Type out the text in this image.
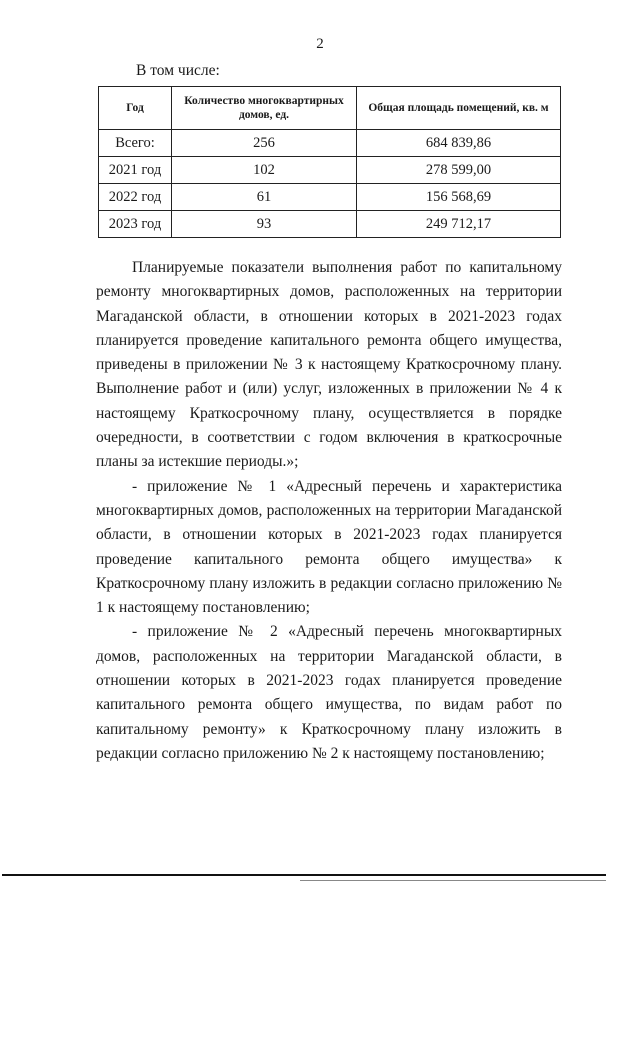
2
В том числе:
Год	Количество многоквартирных домов, ед.	Общая площадь помещений, кв. м
Всего:	256	684 839,86
2021 год	102	278 599,00
2022 год	61	156 568,69
2023 год	93	249 712,17

Планируемые показатели выполнения работ по капитальному ремонту многоквартирных домов, расположенных на территории Магаданской области, в отношении которых в 2021-2023 годах планируется проведение капитального ремонта общего имущества, приведены в приложении № 3 к настоящему Краткосрочному плану. Выполнение работ и (или) услуг, изложенных в приложении № 4 к настоящему Краткосрочному плану, осуществляется в порядке очередности, в соответствии с годом включения в краткосрочные планы за истекшие периоды.»;

- приложение № 1 «Адресный перечень и характеристика многоквартирных домов, расположенных на территории Магаданской области, в отношении которых в 2021-2023 годах планируется проведение капитального ремонта общего имущества» к Краткосрочному плану изложить в редакции согласно приложению № 1 к настоящему постановлению;

- приложение № 2 «Адресный перечень многоквартирных домов, расположенных на территории Магаданской области, в отношении которых в 2021-2023 годах планируется проведение капитального ремонта общего имущества, по видам работ по капитальному ремонту» к Краткосрочному плану изложить в редакции согласно приложению № 2 к настоящему постановлению;
